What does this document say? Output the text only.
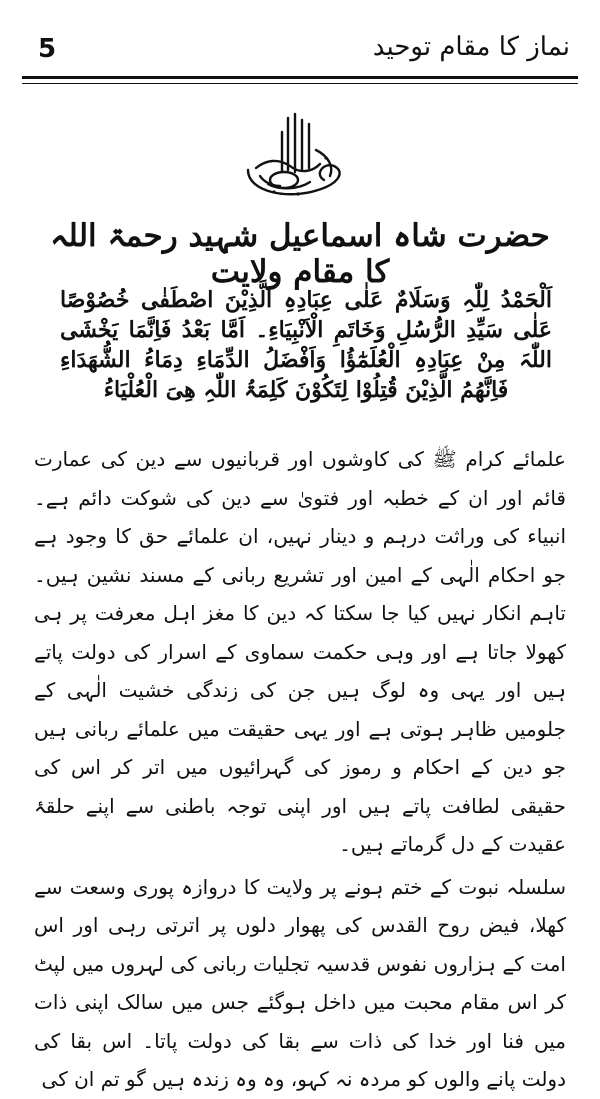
5	نماز کا مقام توحید
حضرت شاہ اسماعیل شہید رحمۃ اللہ کا مقام ولایت
اَلْحَمْدُ لِلّٰہِ وَسَلَامٌ عَلٰی عِبَادِہِ الَّذِیْنَ اصْطَفٰی خُصُوْصًا عَلٰی سَیِّدِ الرُّسُلِ وَخَاتَمِ الْاَنْبِیَاءِ۔ اَمَّا بَعْدُ فَاِنَّمَا یَخْشَی اللّٰہَ مِنْ عِبَادِہِ الْعُلَمٰٓؤُا وَاَفْضَلُ الدِّمَاءِ دِمَاءُ الشُّھَدَاءِ فَاِنَّھُمُ الَّذِیْنَ قُتِلُوْا لِتَکُوْنَ کَلِمَۃُ اللّٰہِ ھِیَ الْعُلْیَاءُ

علمائے کرام ﷺ کی کاوشوں اور قربانیوں سے دین کی عمارت قائم اور ان کے خطبہ اور فتویٰ سے دین کی شوکت دائم ہے۔ انبیاء کی وراثت درہم و دینار نہیں، ان علمائے حق کا وجود ہے جو احکام الٰہی کے امین اور تشریع ربانی کے مسند نشین ہیں۔ تاہم انکار نہیں کیا جا سکتا کہ دین کا مغز اہل معرفت پر ہی کھولا جاتا ہے اور وہی حکمت سماوی کے اسرار کی دولت پاتے ہیں اور یہی وہ لوگ ہیں جن کی زندگی خشیت الٰہی کے جلومیں ظاہر ہوتی ہے اور یہی حقیقت میں علمائے ربانی ہیں جو دین کے احکام و رموز کی گہرائیوں میں اتر کر اس کی حقیقی لطافت پاتے ہیں اور اپنی توجہ باطنی سے اپنے حلقۂ عقیدت کے دل گرماتے ہیں۔

سلسلہ نبوت کے ختم ہونے پر ولایت کا دروازہ پوری وسعت سے کھلا، فیض روح القدس کی پھوار دلوں پر اترتی رہی اور اس امت کے ہزاروں نفوس قدسیہ تجلیات ربانی کی لہروں میں لپٹ کر اس مقام محبت میں داخل ہوگئے جس میں سالک اپنی ذات میں فنا اور خدا کی ذات سے بقا کی دولت پاتا۔ اس بقا کی دولت پانے والوں کو مردہ نہ کہو، وہ وہ زندہ ہیں گو تم ان کی
